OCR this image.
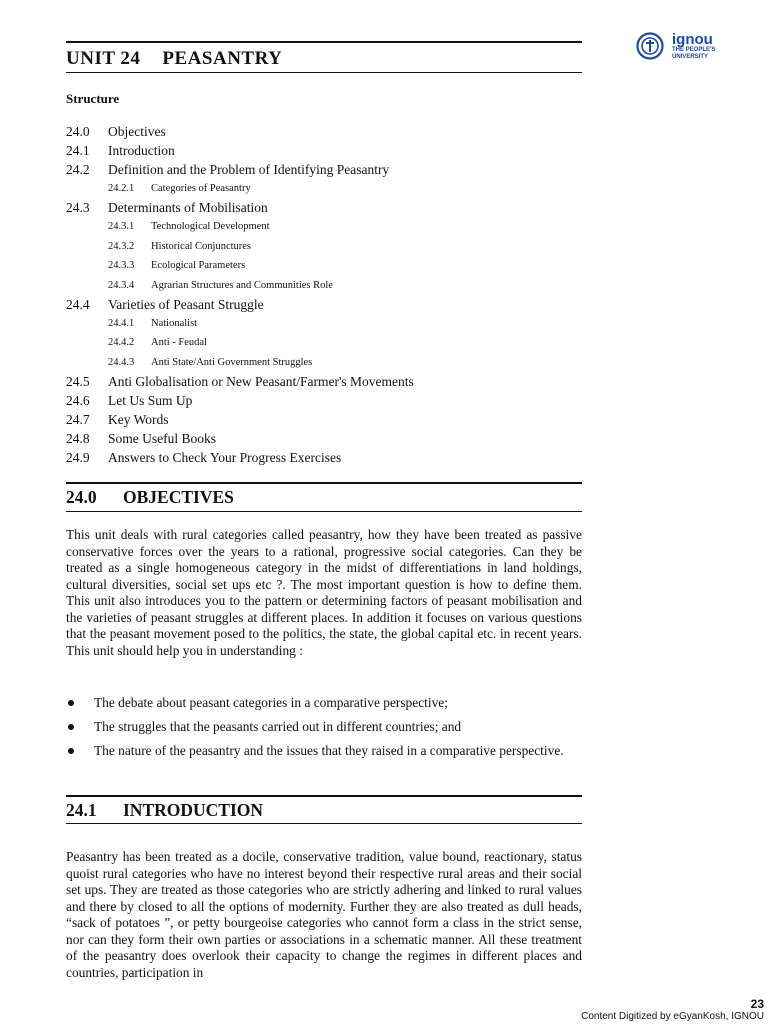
UNIT 24 PEASANTRY
ignou
THE PEOPLE'S
UNIVERSITY
Structure
24.0 Objectives
24.1 Introduction
24.2 Definition and the Problem of Identifying Peasantry
24.2.1 Categories of Peasantry
24.3 Determinants of Mobilisation
24.3.1 Technological Development
24.3.2 Historical Conjunctures
24.3.3 Ecological Parameters
24.3.4 Agrarian Structures and Communities Role
24.4 Varieties of Peasant Struggle
24.4.1 Nationalist
24.4.2 Anti - Feudal
24.4.3 Anti State/Anti Government Struggles
24.5 Anti Globalisation or New Peasant/Farmer's Movements
24.6 Let Us Sum Up
24.7 Key Words
24.8 Some Useful Books
24.9 Answers to Check Your Progress Exercises
24.0 OBJECTIVES

This unit deals with rural categories called peasantry, how they have been treated as passive conservative forces over the years to a rational, progressive social categories. Can they be treated as a single homogeneous category in the midst of differentiations in land holdings, cultural diversities, social set ups etc ?. The most important question is how to define them. This unit also introduces you to the pattern or determining factors of peasant mobilisation and the varieties of peasant struggles at different places. In addition it focuses on various questions that the peasant movement posed to the politics, the state, the global capital etc. in recent years. This unit should help you in understanding :

The debate about peasant categories in a comparative perspective;
The struggles that the peasants carried out in different countries; and
The nature of the peasantry and the issues that they raised in a comparative perspective.
24.1 INTRODUCTION

Peasantry has been treated as a docile, conservative tradition, value bound, reactionary, status quoist rural categories who have no interest beyond their respective rural areas and their social set ups. They are treated as those categories who are strictly adhering and linked to rural values and there by closed to all the options of modernity. Further they are also treated as dull heads, “sack of potatoes ”, or petty bourgeoise categories who cannot form a class in the strict sense, nor can they form their own parties or associations in a schematic manner. All these treatment of the peasantry does overlook their capacity to change the regimes in different places and countries, participation in

23
Content Digitized by eGyanKosh, IGNOU
